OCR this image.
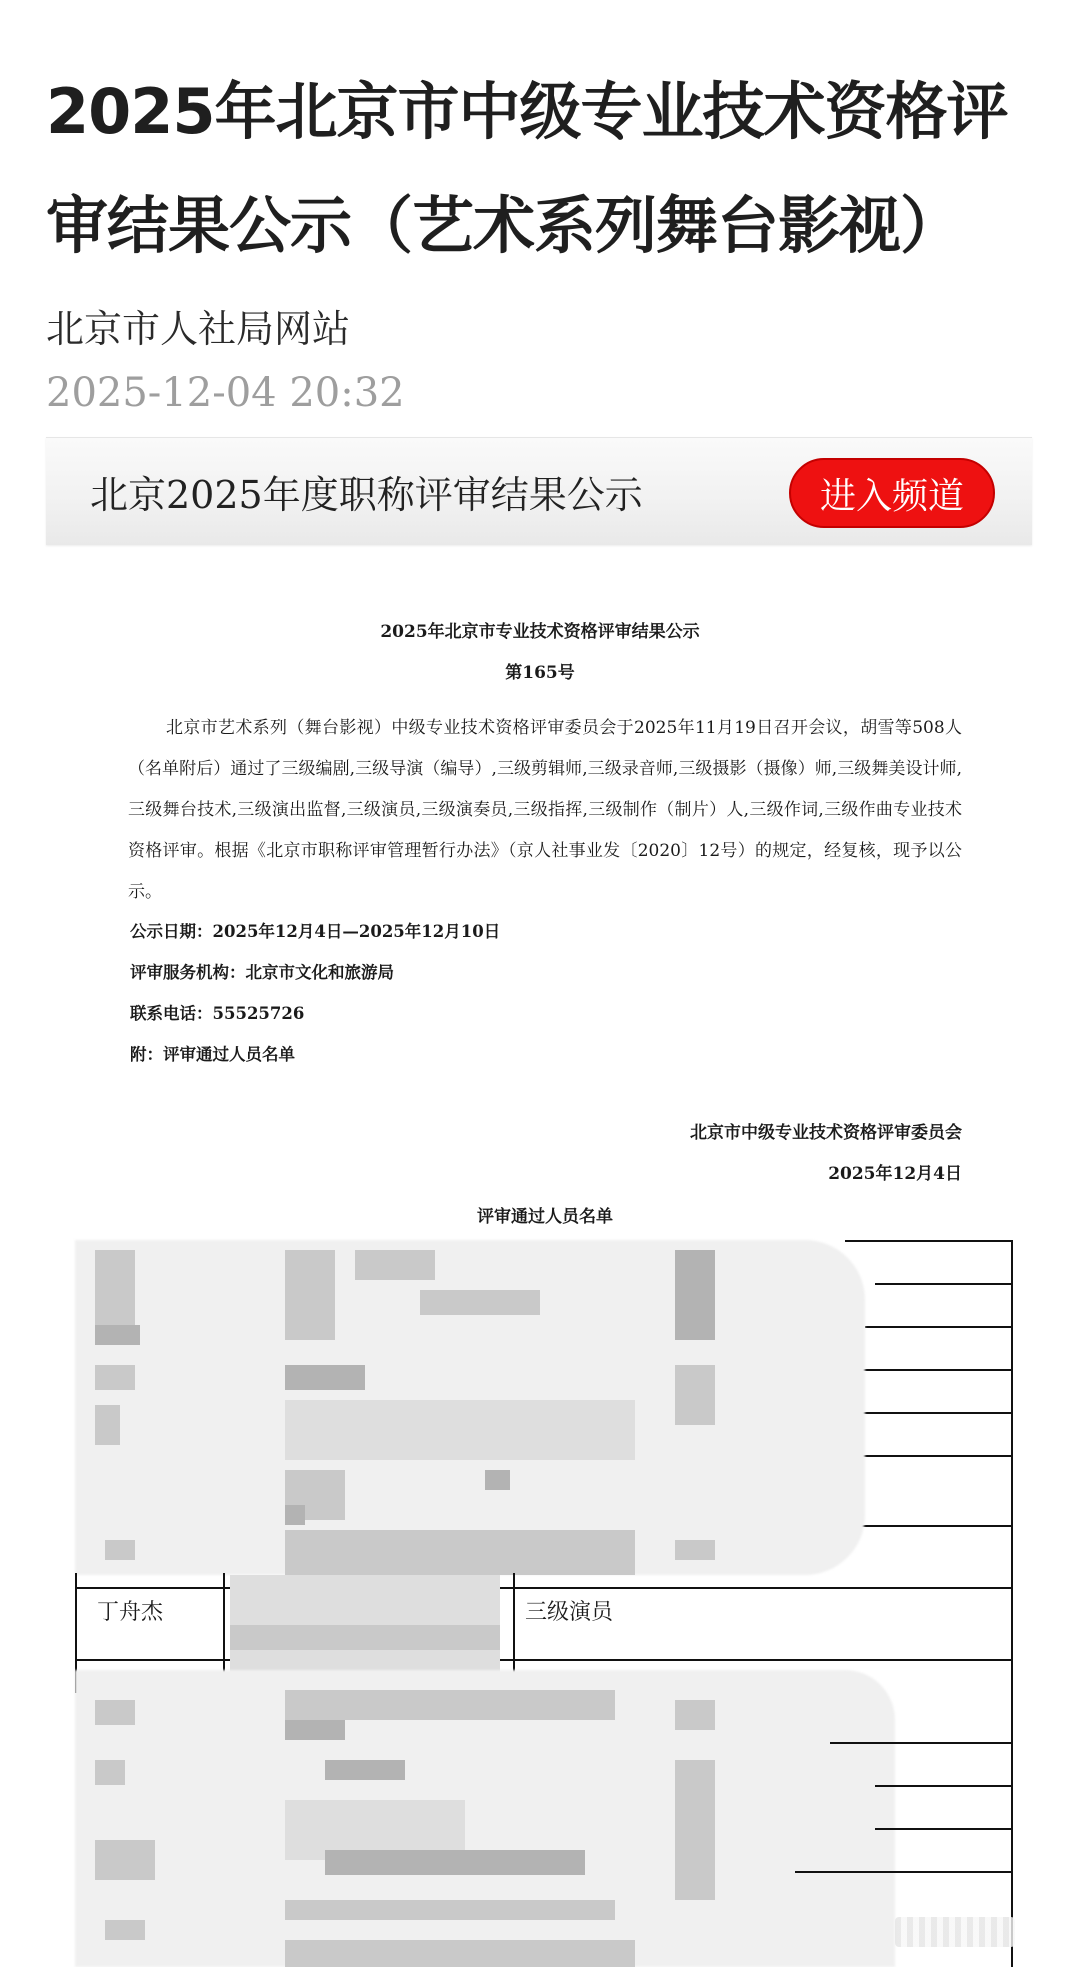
2025年北京市中级专业技术资格评审结果公示（艺术系列舞台影视）
北京市人社局网站
2025-12-04 20:32
北京2025年度职称评审结果公示	进入频道
2025年北京市专业技术资格评审结果公示
第165号

北京市艺术系列（舞台影视）中级专业技术资格评审委员会于2025年11月19日召开会议，胡雪等508人（名单附后）通过了三级编剧,三级导演（编导）,三级剪辑师,三级录音师,三级摄影（摄像）师,三级舞美设计师,三级舞台技术,三级演出监督,三级演员,三级演奏员,三级指挥,三级制作（制片）人,三级作词,三级作曲专业技术资格评审。根据《北京市职称评审管理暂行办法》（京人社事业发〔2020〕12号）的规定，经复核，现予以公示。

公示日期：2025年12月4日—2025年12月10日
评审服务机构：北京市文化和旅游局
联系电话：55525726
附：评审通过人员名单
北京市中级专业技术资格评审委员会
2025年12月4日
评审通过人员名单
丁舟杰	三级演员
